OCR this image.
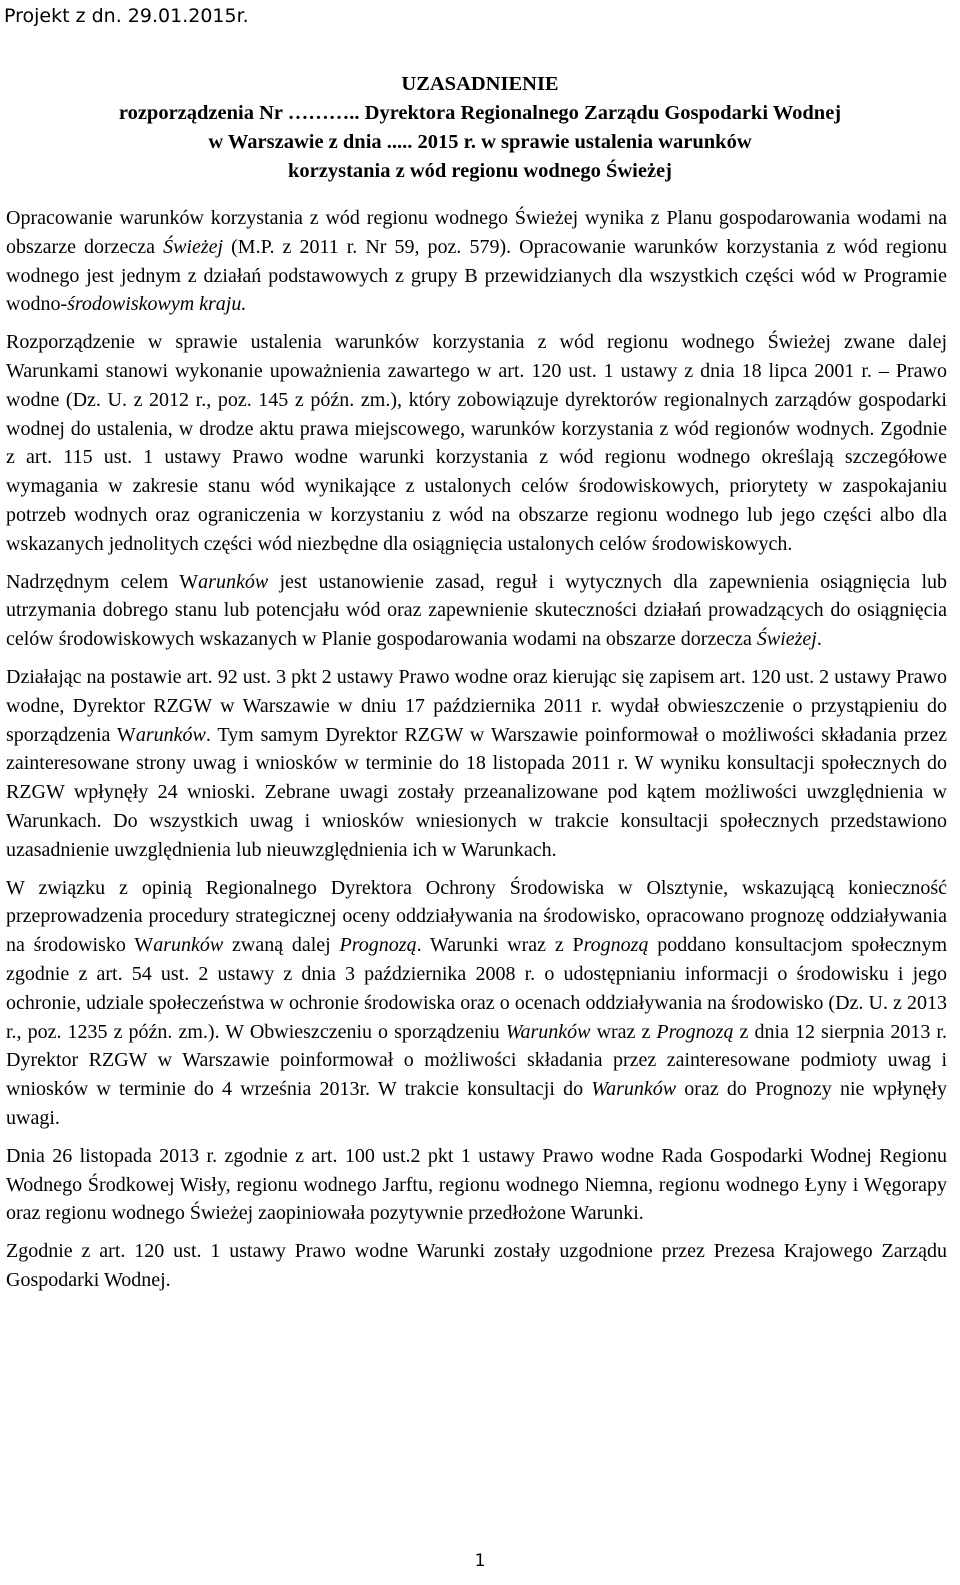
Projekt z dn. 29.01.2015r.
UZASADNIENIE
rozporządzenia Nr ……….. Dyrektora Regionalnego Zarządu Gospodarki Wodnej
w Warszawie z dnia ..... 2015 r. w sprawie ustalenia warunków
korzystania z wód regionu wodnego Świeżej

Opracowanie warunków korzystania z wód regionu wodnego Świeżej wynika z Planu gospodarowania wodami na obszarze dorzecza Świeżej (M.P. z 2011 r. Nr 59, poz. 579). Opracowanie warunków korzystania z wód regionu wodnego jest jednym z działań podstawowych z grupy B przewidzianych dla wszystkich części wód w Programie wodno-środowiskowym kraju.

Rozporządzenie w sprawie ustalenia warunków korzystania z wód regionu wodnego Świeżej zwane dalej Warunkami stanowi wykonanie upoważnienia zawartego w art. 120 ust. 1 ustawy z dnia 18 lipca 2001 r. – Prawo wodne (Dz. U. z 2012 r., poz. 145 z późn. zm.), który zobowiązuje dyrektorów regionalnych zarządów gospodarki wodnej do ustalenia, w drodze aktu prawa miejscowego, warunków korzystania z wód regionów wodnych. Zgodnie z art. 115 ust. 1 ustawy Prawo wodne warunki korzystania z wód regionu wodnego określają szczegółowe wymagania w zakresie stanu wód wynikające z ustalonych celów środowiskowych, priorytety w zaspokajaniu potrzeb wodnych oraz ograniczenia w korzystaniu z wód na obszarze regionu wodnego lub jego części albo dla wskazanych jednolitych części wód niezbędne dla osiągnięcia ustalonych celów środowiskowych.

Nadrzędnym celem Warunków jest ustanowienie zasad, reguł i wytycznych dla zapewnienia osiągnięcia lub utrzymania dobrego stanu lub potencjału wód oraz zapewnienie skuteczności działań prowadzących do osiągnięcia celów środowiskowych wskazanych w Planie gospodarowania wodami na obszarze dorzecza Świeżej.

Działając na postawie art. 92 ust. 3 pkt 2 ustawy Prawo wodne oraz kierując się zapisem art. 120 ust. 2 ustawy Prawo wodne, Dyrektor RZGW w Warszawie w dniu 17 października 2011 r. wydał obwieszczenie o przystąpieniu do sporządzenia Warunków. Tym samym Dyrektor RZGW w Warszawie poinformował o możliwości składania przez zainteresowane strony uwag i wniosków w terminie do 18 listopada 2011 r. W wyniku konsultacji społecznych do RZGW wpłynęły 24 wnioski. Zebrane uwagi zostały przeanalizowane pod kątem możliwości uwzględnienia w Warunkach. Do wszystkich uwag i wniosków wniesionych w trakcie konsultacji społecznych przedstawiono uzasadnienie uwzględnienia lub nieuwzględnienia ich w Warunkach.

W związku z opinią Regionalnego Dyrektora Ochrony Środowiska w Olsztynie, wskazującą konieczność przeprowadzenia procedury strategicznej oceny oddziaływania na środowisko, opracowano prognozę oddziaływania na środowisko Warunków zwaną dalej Prognozą. Warunki wraz z Prognozą poddano konsultacjom społecznym zgodnie z art. 54 ust. 2 ustawy z dnia 3 października 2008 r. o udostępnianiu informacji o środowisku i jego ochronie, udziale społeczeństwa w ochronie środowiska oraz o ocenach oddziaływania na środowisko (Dz. U. z 2013 r., poz. 1235 z późn. zm.). W Obwieszczeniu o sporządzeniu Warunków wraz z Prognozą z dnia 12 sierpnia 2013 r. Dyrektor RZGW w Warszawie poinformował o możliwości składania przez zainteresowane podmioty uwag i wniosków w terminie do 4 września 2013r. W trakcie konsultacji do Warunków oraz do Prognozy nie wpłynęły uwagi.

Dnia 26 listopada 2013 r. zgodnie z art. 100 ust.2 pkt 1 ustawy Prawo wodne Rada Gospodarki Wodnej Regionu Wodnego Środkowej Wisły, regionu wodnego Jarftu, regionu wodnego Niemna, regionu wodnego Łyny i Węgorapy oraz regionu wodnego Świeżej zaopiniowała pozytywnie przedłożone Warunki.

Zgodnie z art. 120 ust. 1 ustawy Prawo wodne Warunki zostały uzgodnione przez Prezesa Krajowego Zarządu Gospodarki Wodnej.

1
